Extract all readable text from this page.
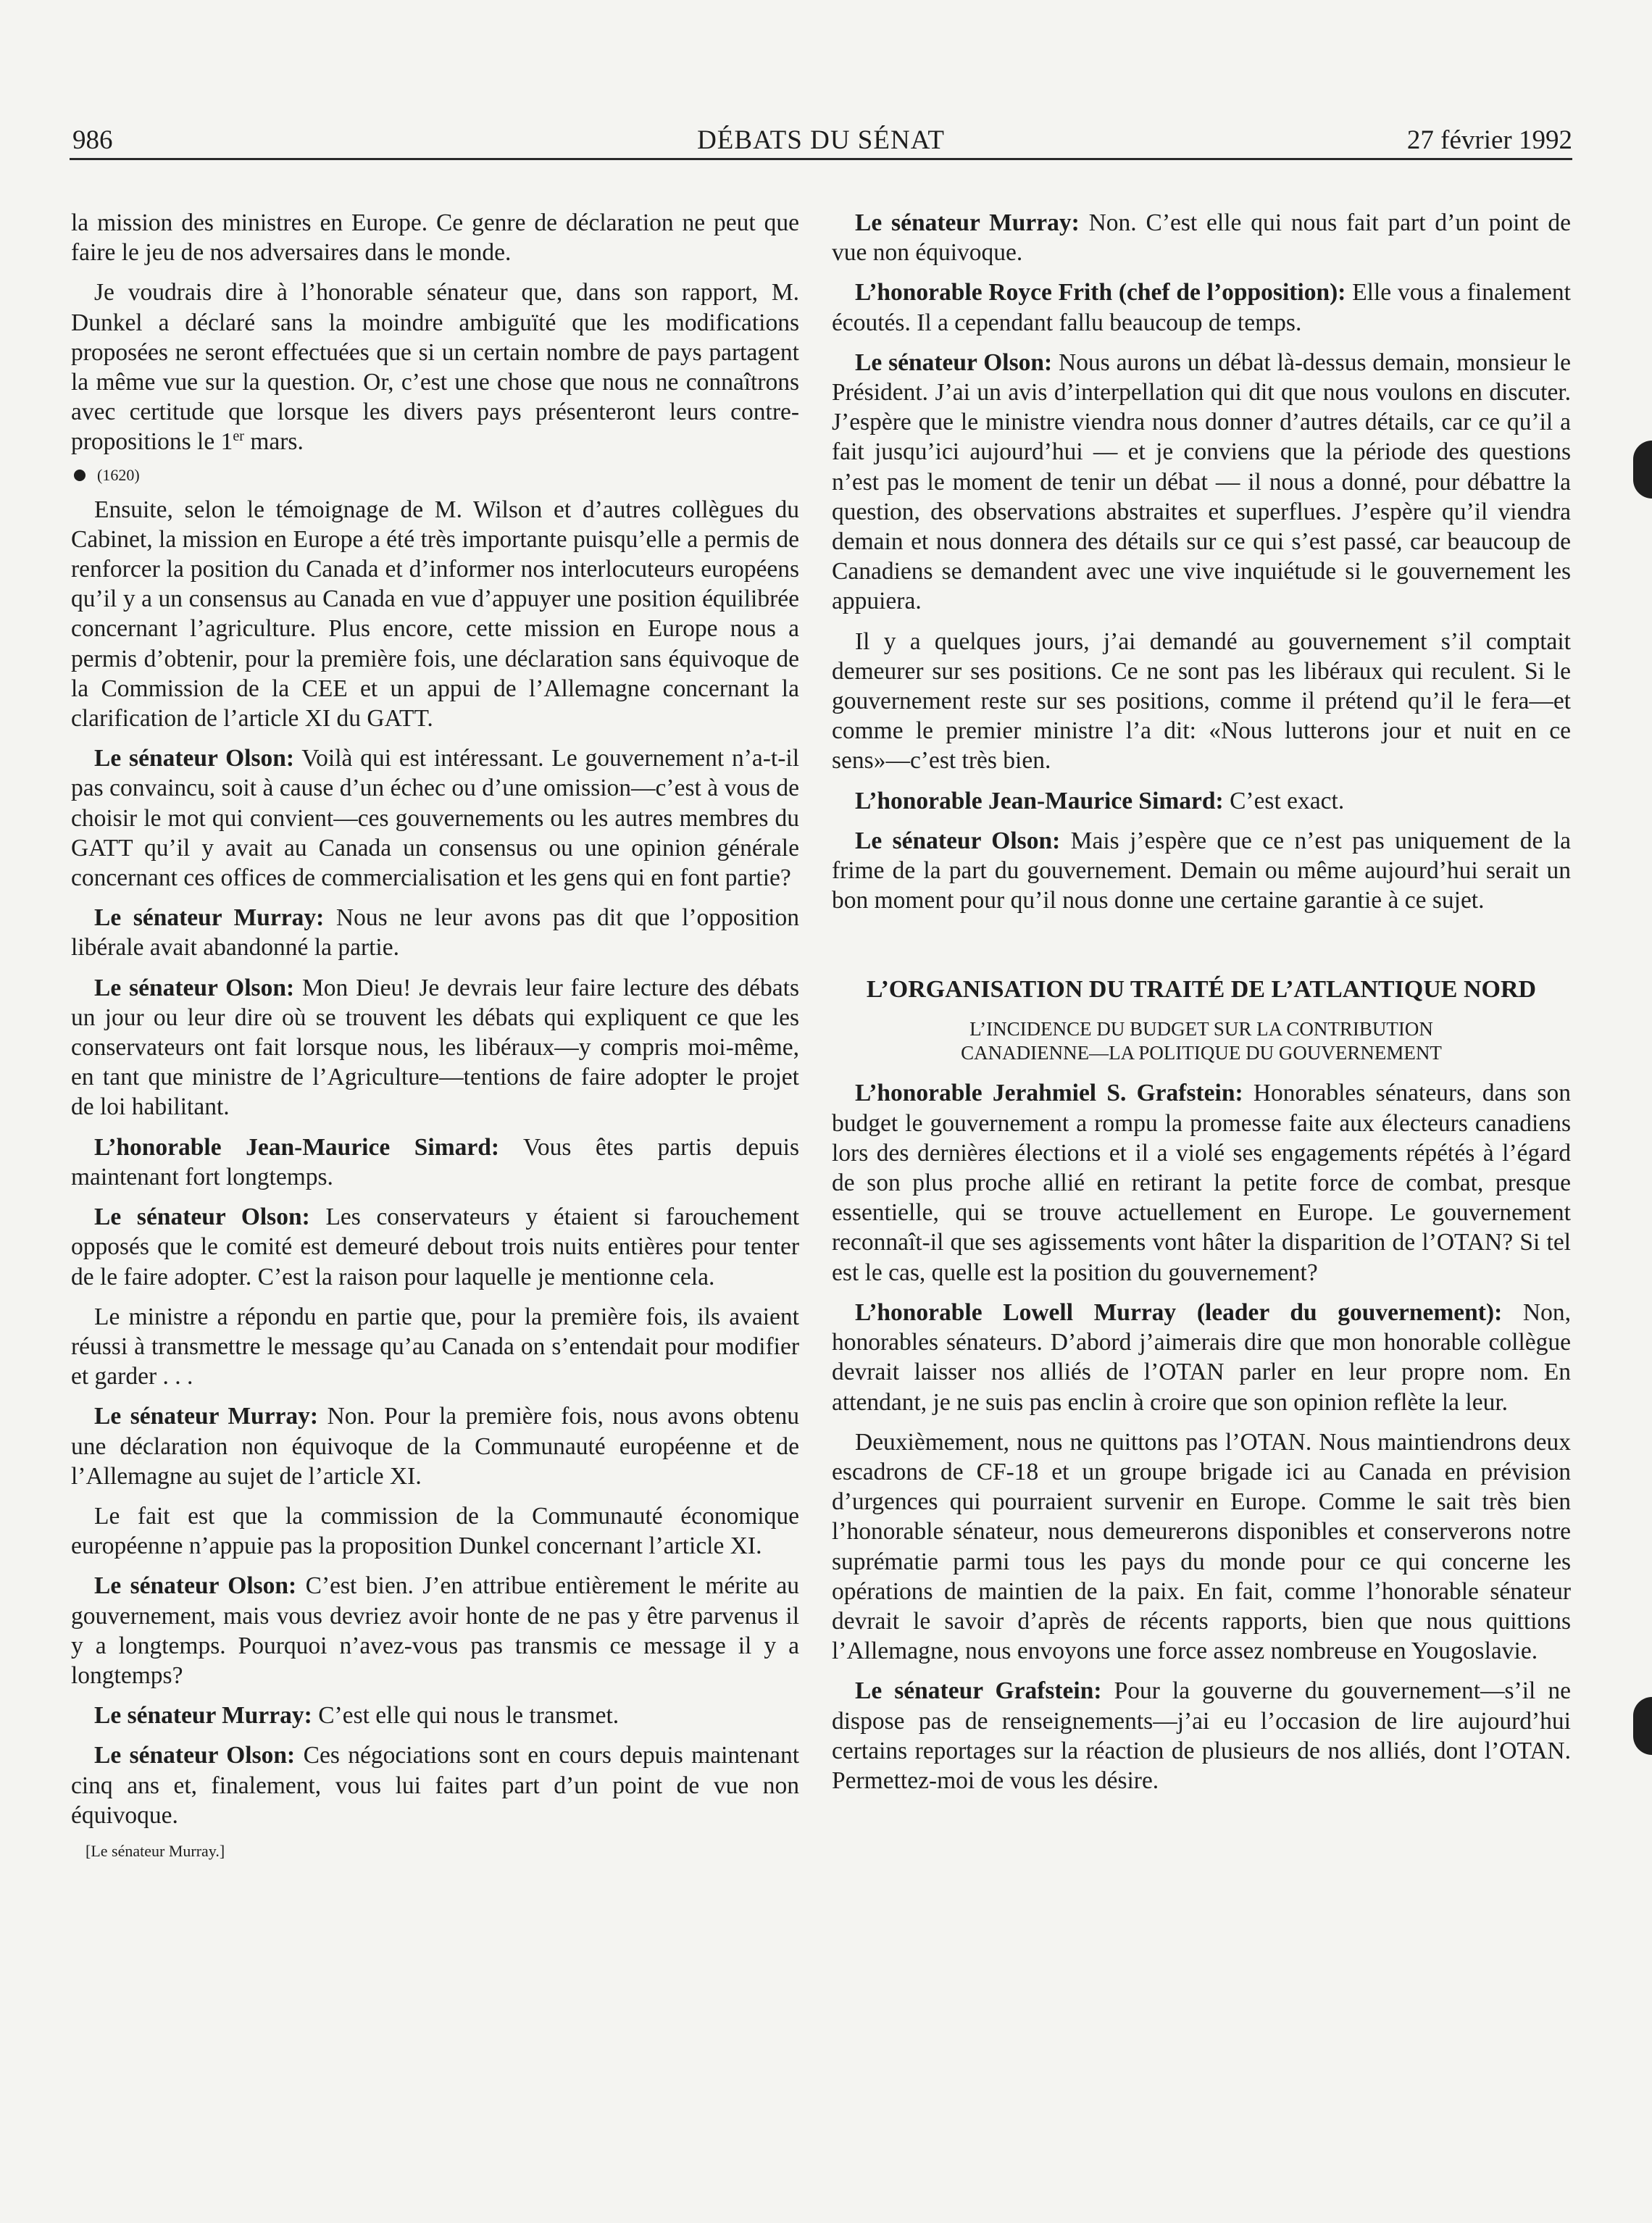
986	DÉBATS DU SÉNAT	27 février 1992

la mission des ministres en Europe. Ce genre de déclaration ne peut que faire le jeu de nos adversaires dans le monde.

Je voudrais dire à l’honorable sénateur que, dans son rapport, M. Dunkel a déclaré sans la moindre ambiguïté que les modifications proposées ne seront effectuées que si un certain nombre de pays partagent la même vue sur la question. Or, c’est une chose que nous ne connaîtrons avec certitude que lorsque les divers pays présenteront leurs contre-propositions le 1er mars.

(1620)

Ensuite, selon le témoignage de M. Wilson et d’autres collègues du Cabinet, la mission en Europe a été très importante puisqu’elle a permis de renforcer la position du Canada et d’informer nos interlocuteurs européens qu’il y a un consensus au Canada en vue d’appuyer une position équilibrée concernant l’agriculture. Plus encore, cette mission en Europe nous a permis d’obtenir, pour la première fois, une déclaration sans équivoque de la Commission de la CEE et un appui de l’Allemagne concernant la clarification de l’article XI du GATT.

Le sénateur Olson: Voilà qui est intéressant. Le gouvernement n’a-t-il pas convaincu, soit à cause d’un échec ou d’une omission—c’est à vous de choisir le mot qui convient—ces gouvernements ou les autres membres du GATT qu’il y avait au Canada un consensus ou une opinion générale concernant ces offices de commercialisation et les gens qui en font partie?

Le sénateur Murray: Nous ne leur avons pas dit que l’opposition libérale avait abandonné la partie.

Le sénateur Olson: Mon Dieu! Je devrais leur faire lecture des débats un jour ou leur dire où se trouvent les débats qui expliquent ce que les conservateurs ont fait lorsque nous, les libéraux—y compris moi-même, en tant que ministre de l’Agriculture—tentions de faire adopter le projet de loi habilitant.

L’honorable Jean-Maurice Simard: Vous êtes partis depuis maintenant fort longtemps.

Le sénateur Olson: Les conservateurs y étaient si farouchement opposés que le comité est demeuré debout trois nuits entières pour tenter de le faire adopter. C’est la raison pour laquelle je mentionne cela.

Le ministre a répondu en partie que, pour la première fois, ils avaient réussi à transmettre le message qu’au Canada on s’entendait pour modifier et garder . . .

Le sénateur Murray: Non. Pour la première fois, nous avons obtenu une déclaration non équivoque de la Communauté européenne et de l’Allemagne au sujet de l’article XI.

Le fait est que la commission de la Communauté économique européenne n’appuie pas la proposition Dunkel concernant l’article XI.

Le sénateur Olson: C’est bien. J’en attribue entièrement le mérite au gouvernement, mais vous devriez avoir honte de ne pas y être parvenus il y a longtemps. Pourquoi n’avez-vous pas transmis ce message il y a longtemps?

Le sénateur Murray: C’est elle qui nous le transmet.

Le sénateur Olson: Ces négociations sont en cours depuis maintenant cinq ans et, finalement, vous lui faites part d’un point de vue non équivoque.

[Le sénateur Murray.]

Le sénateur Murray: Non. C’est elle qui nous fait part d’un point de vue non équivoque.

L’honorable Royce Frith (chef de l’opposition): Elle vous a finalement écoutés. Il a cependant fallu beaucoup de temps.

Le sénateur Olson: Nous aurons un débat là-dessus demain, monsieur le Président. J’ai un avis d’interpellation qui dit que nous voulons en discuter. J’espère que le ministre viendra nous donner d’autres détails, car ce qu’il a fait jusqu’ici aujourd’hui — et je conviens que la période des questions n’est pas le moment de tenir un débat — il nous a donné, pour débattre la question, des observations abstraites et superflues. J’espère qu’il viendra demain et nous donnera des détails sur ce qui s’est passé, car beaucoup de Canadiens se demandent avec une vive inquiétude si le gouvernement les appuiera.

Il y a quelques jours, j’ai demandé au gouvernement s’il comptait demeurer sur ses positions. Ce ne sont pas les libéraux qui reculent. Si le gouvernement reste sur ses positions, comme il prétend qu’il le fera—et comme le premier ministre l’a dit: «Nous lutterons jour et nuit en ce sens»—c’est très bien.

L’honorable Jean-Maurice Simard: C’est exact.

Le sénateur Olson: Mais j’espère que ce n’est pas uniquement de la frime de la part du gouvernement. Demain ou même aujourd’hui serait un bon moment pour qu’il nous donne une certaine garantie à ce sujet.

L’ORGANISATION DU TRAITÉ DE L’ATLANTIQUE NORD
L’INCIDENCE DU BUDGET SUR LA CONTRIBUTION
CANADIENNE—LA POLITIQUE DU GOUVERNEMENT

L’honorable Jerahmiel S. Grafstein: Honorables sénateurs, dans son budget le gouvernement a rompu la promesse faite aux électeurs canadiens lors des dernières élections et il a violé ses engagements répétés à l’égard de son plus proche allié en retirant la petite force de combat, presque essentielle, qui se trouve actuellement en Europe. Le gouvernement reconnaît-il que ses agissements vont hâter la disparition de l’OTAN? Si tel est le cas, quelle est la position du gouvernement?

L’honorable Lowell Murray (leader du gouvernement): Non, honorables sénateurs. D’abord j’aimerais dire que mon honorable collègue devrait laisser nos alliés de l’OTAN parler en leur propre nom. En attendant, je ne suis pas enclin à croire que son opinion reflète la leur.

Deuxièmement, nous ne quittons pas l’OTAN. Nous maintiendrons deux escadrons de CF-18 et un groupe brigade ici au Canada en prévision d’urgences qui pourraient survenir en Europe. Comme le sait très bien l’honorable sénateur, nous demeurerons disponibles et conserverons notre suprématie parmi tous les pays du monde pour ce qui concerne les opérations de maintien de la paix. En fait, comme l’honorable sénateur devrait le savoir d’après de récents rapports, bien que nous quittions l’Allemagne, nous envoyons une force assez nombreuse en Yougoslavie.

Le sénateur Grafstein: Pour la gouverne du gouvernement—s’il ne dispose pas de renseignements—j’ai eu l’occasion de lire aujourd’hui certains reportages sur la réaction de plusieurs de nos alliés, dont l’OTAN. Permettez-moi de vous les désire.
